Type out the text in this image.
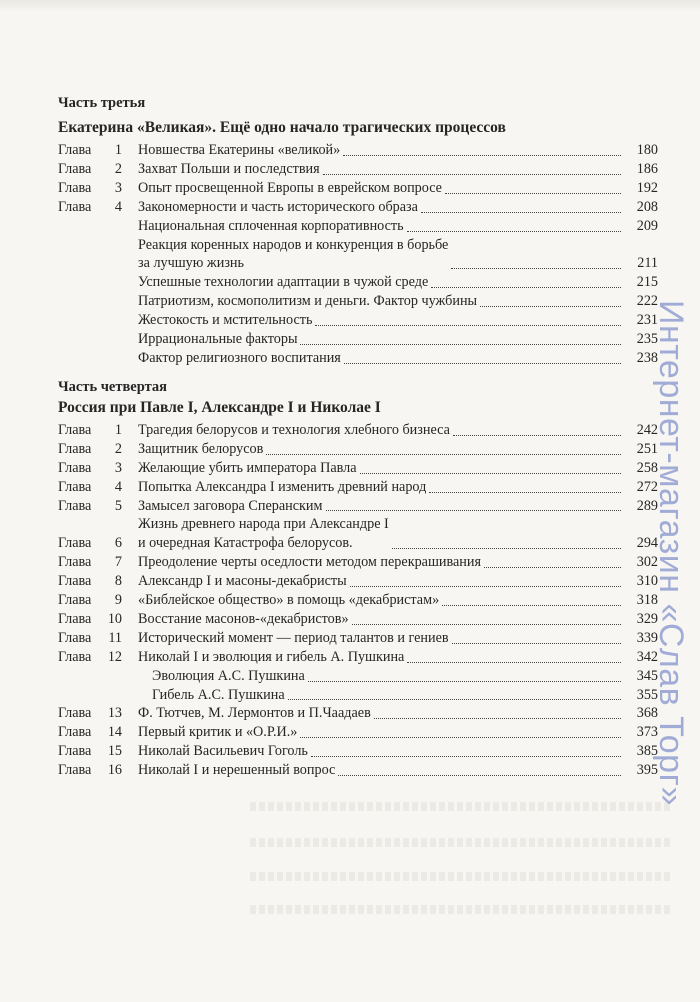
Часть третья
Екатерина «Великая». Ещё одно начало трагических процессов
Глава	1 Новшества Екатерины «великой»	180
Глава	2 Захват Польши и последствия	186
Глава	3 Опыт просвещенной Европы в еврейском вопросе	192
Глава	4 Закономерности и часть исторического образа	208
Национальная сплоченная корпоративность	209
Реакция коренных народов и конкуренция в борьбе
за лучшую жизнь	211
Успешные технологии адаптации в чужой среде	215
Патриотизм, космополитизм и деньги. Фактор чужбины	222
Жестокость и мстительность	231
Иррациональные факторы	235
Фактор религиозного воспитания	238
Часть четвертая
Россия при Павле I, Александре I и Николае I
Глава	1 Трагедия белорусов и технология хлебного бизнеса	242
Глава	2 Защитник белорусов	251
Глава	3 Желающие убить императора Павла	258
Глава	4 Попытка Александра I изменить древний народ	272
Глава	5 Замысел заговора Сперанским	289
Глава	6
Жизнь древнего народа при Александре I
и очередная Катастрофа белорусов.	294
Глава	7 Преодоление черты оседлости методом перекрашивания	302
Глава	8 Александр I и масоны-декабристы	310
Глава	9 «Библейское общество» в помощь «декабристам»	318
Глава	10 Восстание масонов-«декабристов»	329
Глава	11 Исторический момент — период талантов и гениев	339
Глава	12 Николай I и эволюция и гибель А. Пушкина	342
Эволюция А.С. Пушкина	345
Гибель А.С. Пушкина	355
Глава	13 Ф. Тютчев, М. Лермонтов и П.Чаадаев	368
Глава	14 Первый критик и «О.Р.И.»	373
Глава	15 Николай Васильевич Гоголь	385
Глава	16 Николай I и нерешенный вопрос	395
Интернет-магазин «Слав Торг»
